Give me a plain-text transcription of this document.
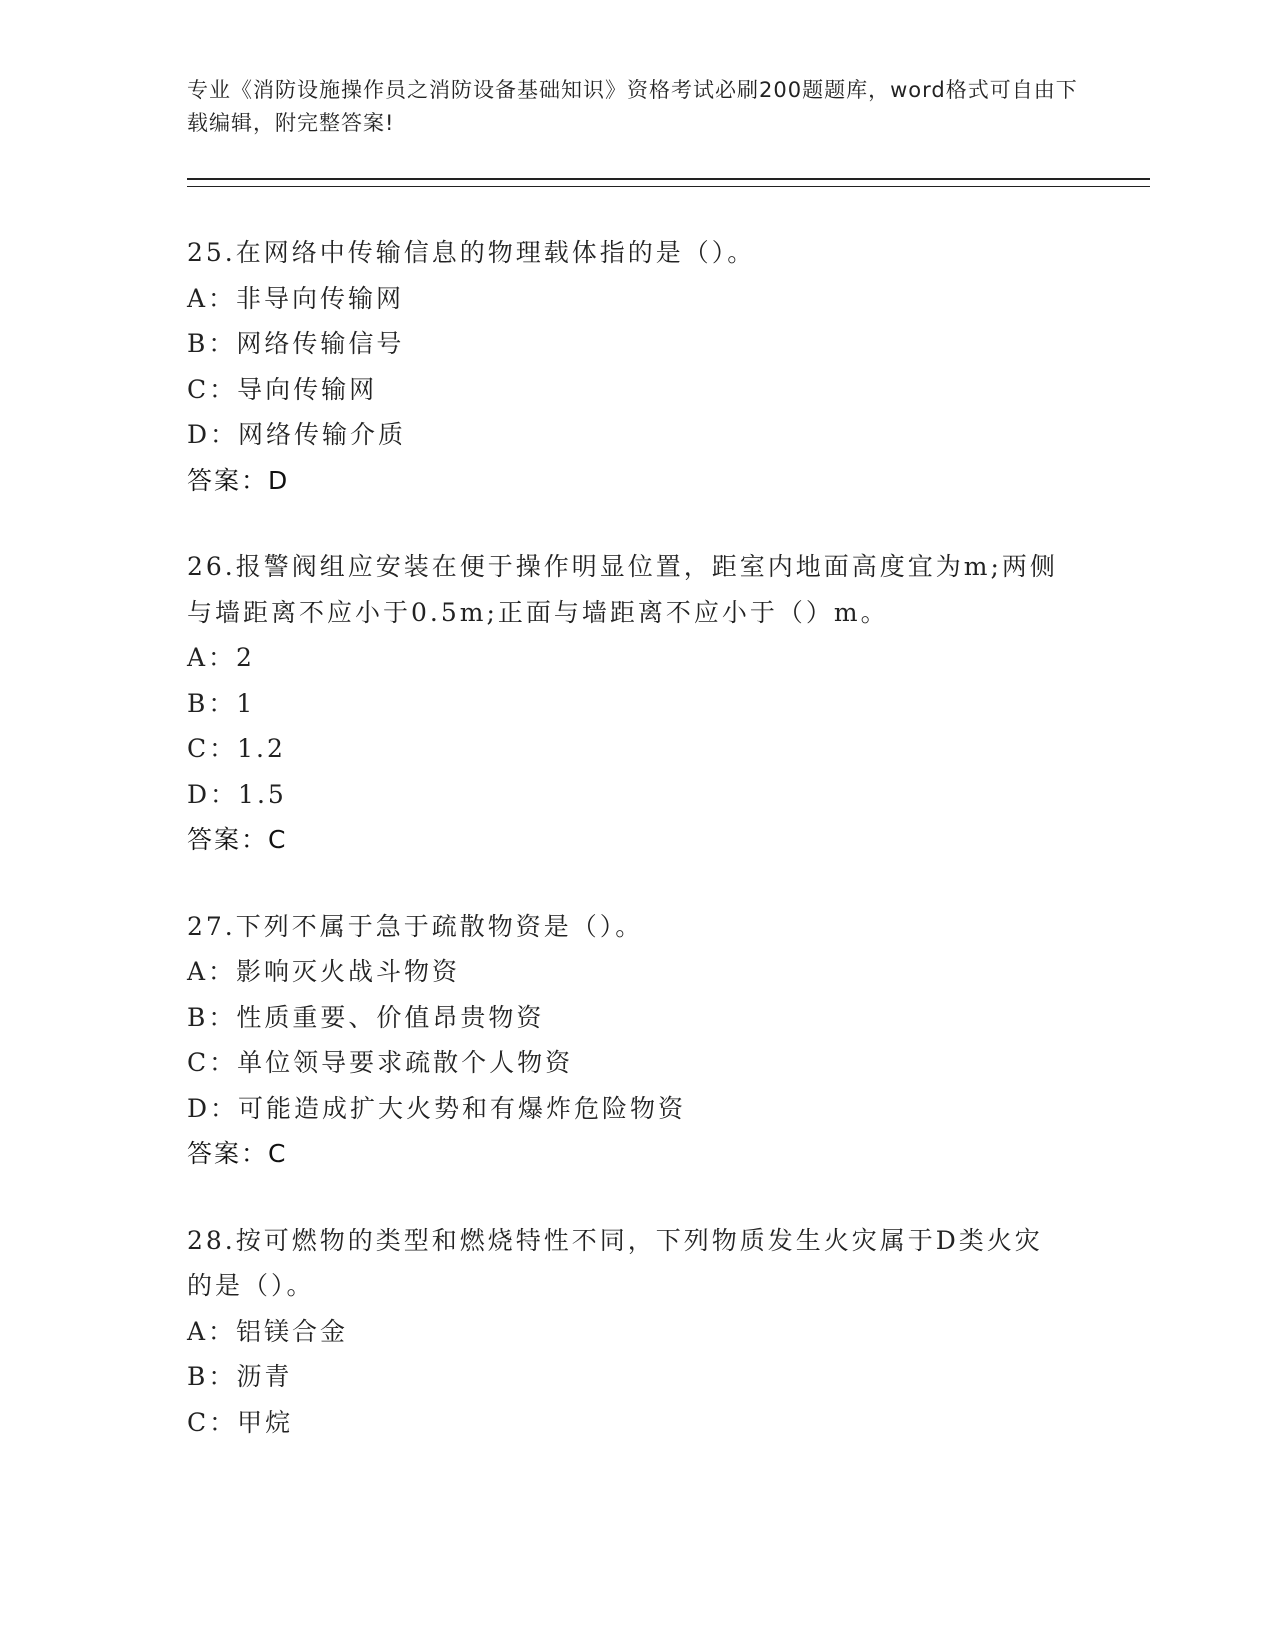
专业《消防设施操作员之消防设备基础知识》资格考试必刷200题题库，word格式可自由下载编辑，附完整答案!
25.在网络中传输信息的物理载体指的是（）。
A：非导向传输网
B：网络传输信号
C：导向传输网
D：网络传输介质
答案：D
26.报警阀组应安装在便于操作明显位置，距室内地面高度宜为m;两侧
与墙距离不应小于0.5m;正面与墙距离不应小于（）m。
A：2
B：1
C：1.2
D：1.5
答案：C
27.下列不属于急于疏散物资是（）。
A：影响灭火战斗物资
B：性质重要、价值昂贵物资
C：单位领导要求疏散个人物资
D：可能造成扩大火势和有爆炸危险物资
答案：C
28.按可燃物的类型和燃烧特性不同，下列物质发生火灾属于D类火灾
的是（）。
A：铝镁合金
B：沥青
C：甲烷
